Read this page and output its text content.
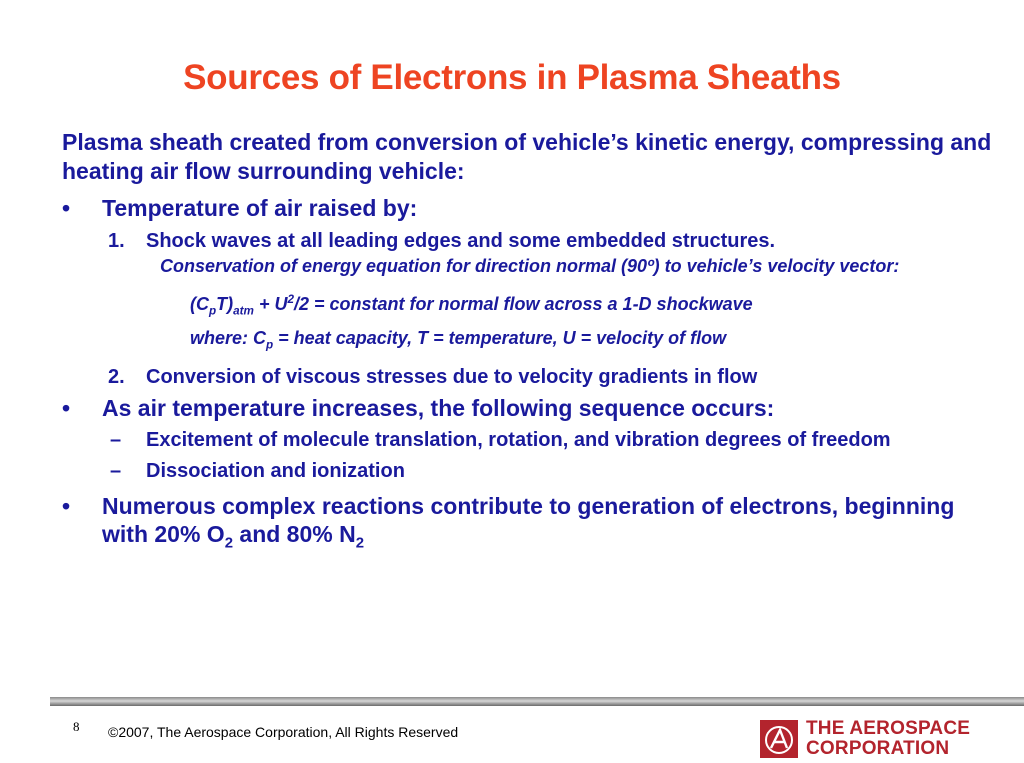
Sources of Electrons in Plasma Sheaths
Plasma sheath created from conversion of vehicle’s kinetic energy, compressing and heating air flow surrounding vehicle:
•	Temperature of air raised by:
1. Shock waves at all leading edges and some embedded structures.
Conservation of energy equation for direction normal (90º) to vehicle’s velocity vector:
$(C_pT)_{atm} + U^2/2$ = constant for normal flow across a 1-D shockwave
where: $C_p$ = heat capacity, T = temperature, U = velocity of flow
2. Conversion of viscous stresses due to velocity gradients in flow
•	As air temperature increases, the following sequence occurs:
– Excitement of molecule translation, rotation, and vibration degrees of freedom
– Dissociation and ionization
•	Numerous complex reactions contribute to generation of electrons, beginning with 20% $O_2$ and 80% $N_2$
8 ©2007, The Aerospace Corporation, All Rights Reserved	THE AEROSPACE
CORPORATION
